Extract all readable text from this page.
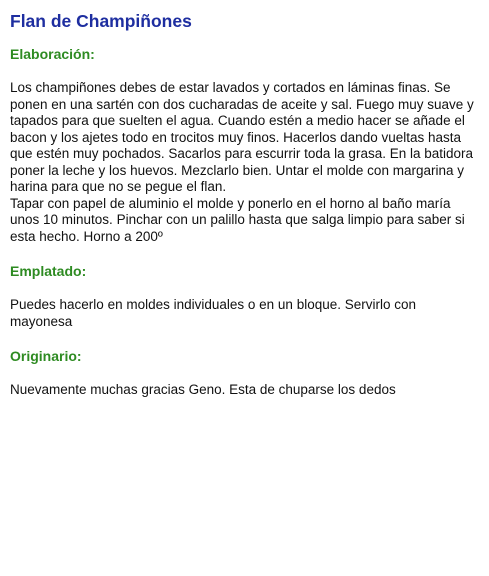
Flan de Champiñones
Elaboración:

Los champiñones debes de estar lavados y cortados en láminas finas. Se ponen en una sartén con dos cucharadas de aceite y sal. Fuego muy suave y tapados para que suelten el agua. Cuando estén a medio hacer se añade el bacon y los ajetes todo en trocitos muy finos. Hacerlos dando vueltas hasta que estén muy pochados. Sacarlos para escurrir toda la grasa. En la batidora poner la leche y los huevos. Mezclarlo bien. Untar el molde con margarina y harina para que no se pegue el flan.

Tapar con papel de aluminio el molde y ponerlo en el horno al baño maría unos 10 minutos. Pinchar con un palillo hasta que salga limpio para saber si esta hecho. Horno a 200º

Emplatado:

Puedes hacerlo en moldes individuales o en un bloque. Servirlo con mayonesa

Originario:

Nuevamente muchas gracias Geno. Esta de chuparse los dedos
